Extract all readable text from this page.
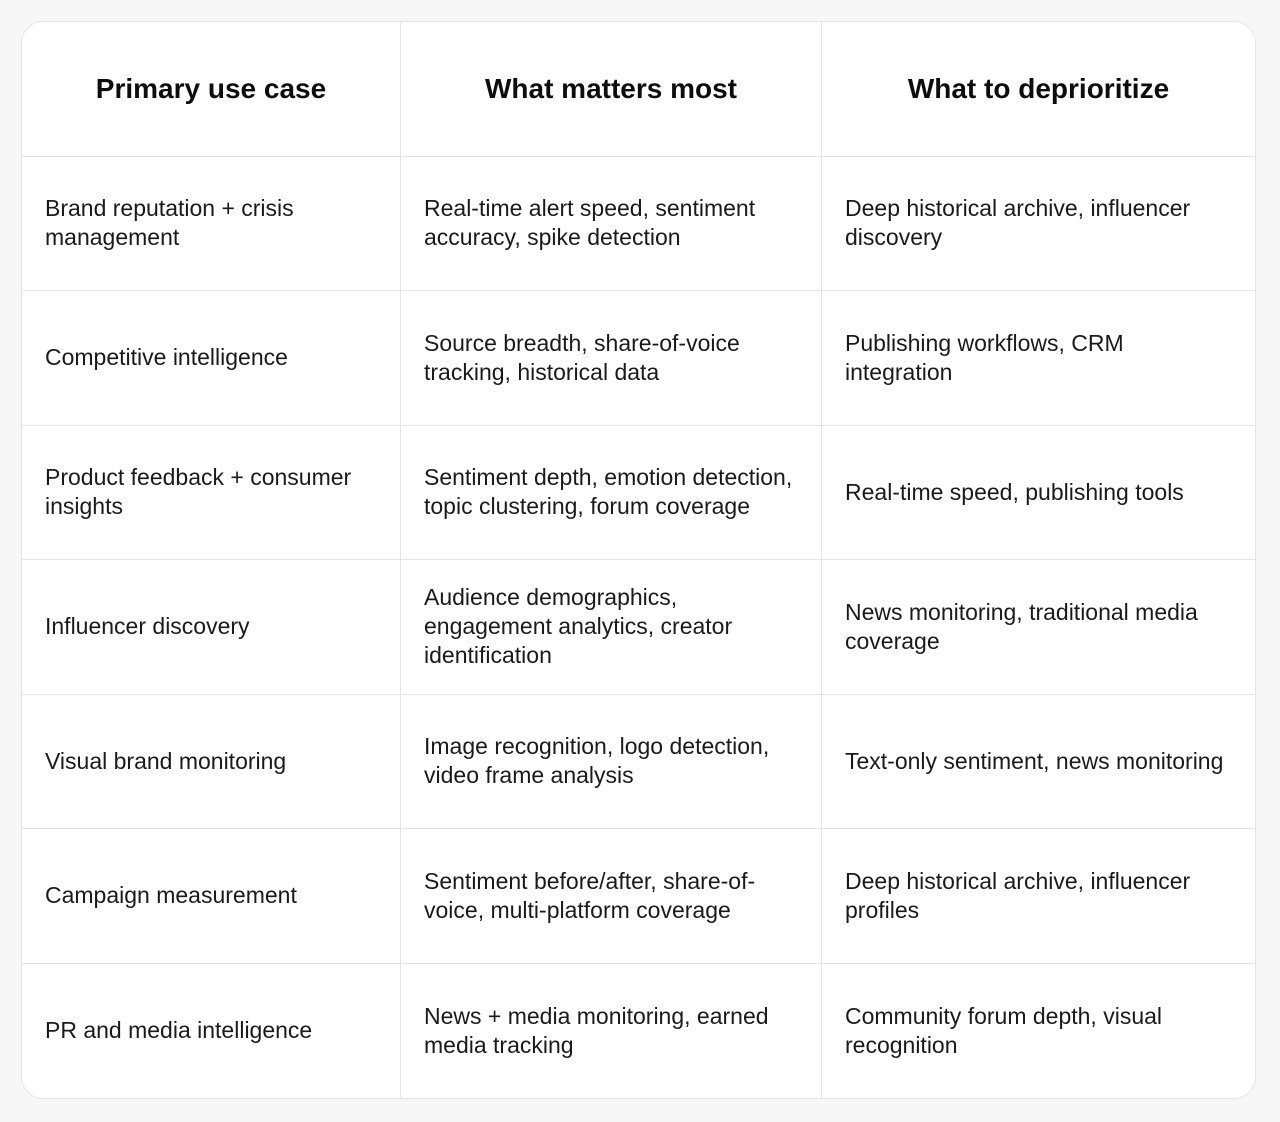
Primary use case	What matters most	What to deprioritize
Brand reputation + crisis management
Real-time alert speed, sentiment accuracy, spike detection
Deep historical archive, influencer discovery
Competitive intelligence
Source breadth, share-of-voice tracking, historical data
Publishing workflows, CRM integration
Product feedback + consumer insights
Sentiment depth, emotion detection, topic clustering, forum coverage
Real-time speed, publishing tools
Influencer discovery
Audience demographics, engagement analytics, creator identification
News monitoring, traditional media coverage
Visual brand monitoring
Image recognition, logo detection, video frame analysis
Text-only sentiment, news monitoring
Campaign measurement
Sentiment before/after, share-of-voice, multi-platform coverage
Deep historical archive, influencer profiles
PR and media intelligence
News + media monitoring, earned media tracking
Community forum depth, visual recognition
